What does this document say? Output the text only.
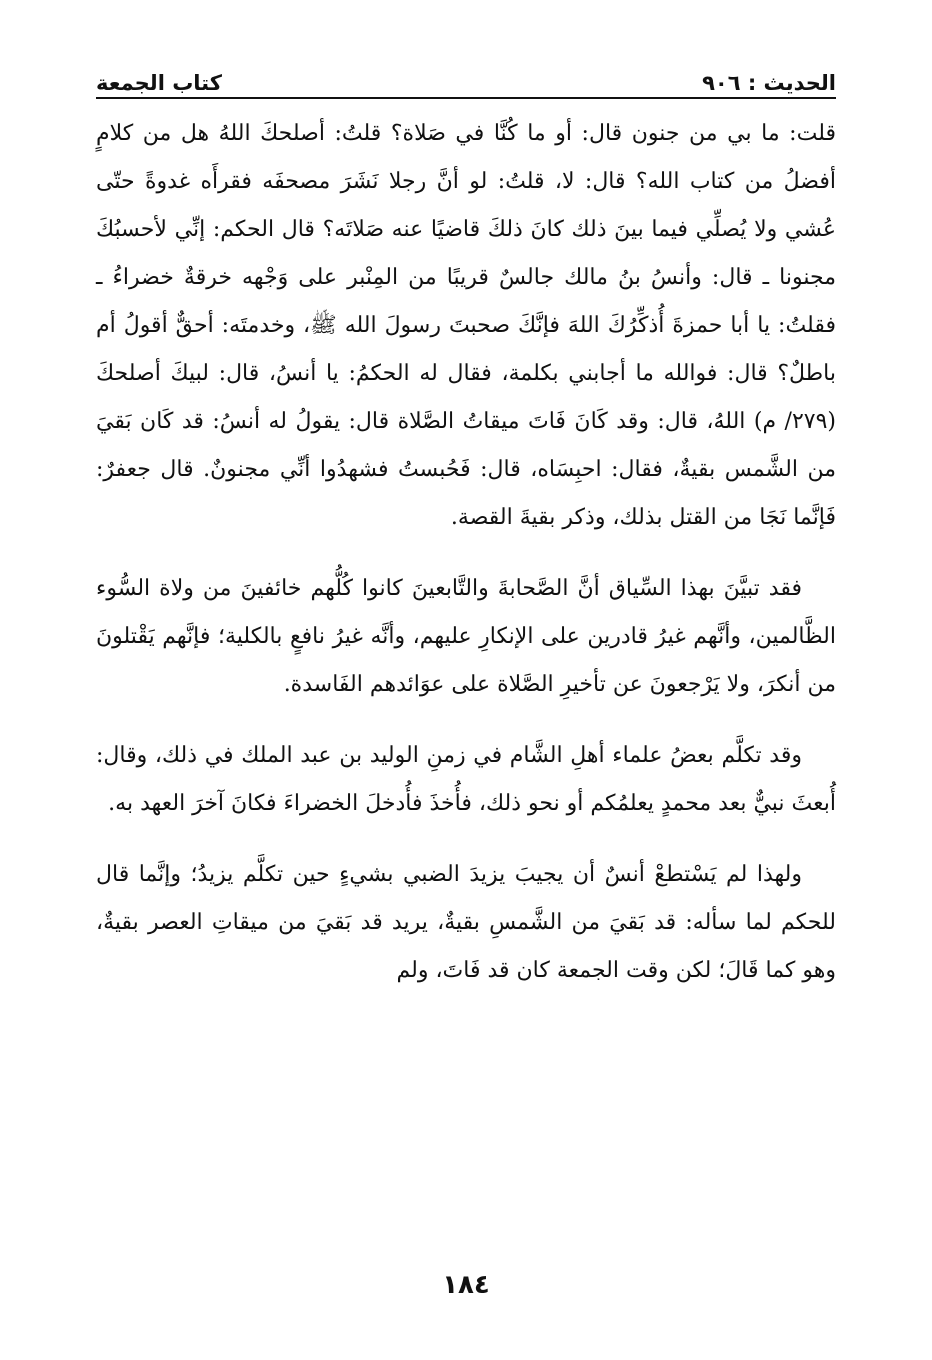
الحديث : ٩٠٦
كتاب الجمعة

قلت: ما بي من جنون قال: أو ما كُنَّا في صَلاة؟ قلتُ: أصلحكَ اللهُ هل من كلامٍ أفضلُ من كتاب الله؟ قال: لا، قلتُ: لو أنَّ رجلا نَشَرَ مصحفَه فقرأَه غدوةً حتّى عُشي ولا يُصلِّي فيما بينَ ذلك كانَ ذلكَ قاضيًا عنه صَلاتَه؟ قال الحكم: إنِّي لأحسبُكَ مجنونا ـ قال: وأنسُ بنُ مالك جالسٌ قريبًا من المِنْبر على وَجْهه خرقةٌ خضراءُ ـ فقلتُ: يا أبا حمزةَ أُذكِّرُكَ اللهَ فإنَّكَ صحبتَ رسولَ الله ﷺ، وخدمتَه: أحقٌّ أقولُ أم باطلٌ؟ قال: فوالله ما أجابني بكلمة، فقال له الحكمُ: يا أنسُ، قال: لبيكَ أصلحكَ (٢٧٩/ م) اللهُ، قال: وقد كَانَ فَاتَ ميقاتُ الصَّلاة قال: يقولُ له أنسُ: قد كَان بَقيَ من الشَّمس بقيةٌ، فقال: احبِسَاه، قال: فَحُبستُ فشهدُوا أنِّي مجنونٌ. قال جعفرٌ: فَإنَّما نَجَا من القتل بذلك، وذكر بقيةَ القصة.

فقد تبيَّنَ بهذا السِّياق أنَّ الصَّحابةَ والتَّابعينَ كانوا كُلُّهم خائفينَ من ولاة السُّوء الظَّالمين، وأنَّهم غيرُ قادرين على الإنكارِ عليهم، وأنَّه غيرُ نافعٍ بالكلية؛ فإنَّهم يَقْتلونَ من أنكرَ، ولا يَرْجعونَ عن تأخيرِ الصَّلاة على عوَائدهم الفَاسدة.

وقد تكلَّم بعضُ علماء أهلِ الشَّام في زمنِ الوليد بن عبد الملك في ذلك، وقال: أُبعثَ نبيٌّ بعد محمدٍ يعلمُكم أو نحو ذلك، فأُخذَ فأُدخلَ الخضراءَ فكانَ آخرَ العهد به.

ولهذا لم يَسْتطعْ أنسٌ أن يجيبَ يزيدَ الضبي بشيءٍ حين تكلَّم يزيدُ؛ وإنَّما قال للحكم لما سأله: قد بَقيَ من الشَّمسِ بقيةٌ، يريد قد بَقيَ من ميقاتِ العصر بقيةٌ، وهو كما قَالَ؛ لكن وقت الجمعة كان قد فَاتَ، ولم

١٨٤
